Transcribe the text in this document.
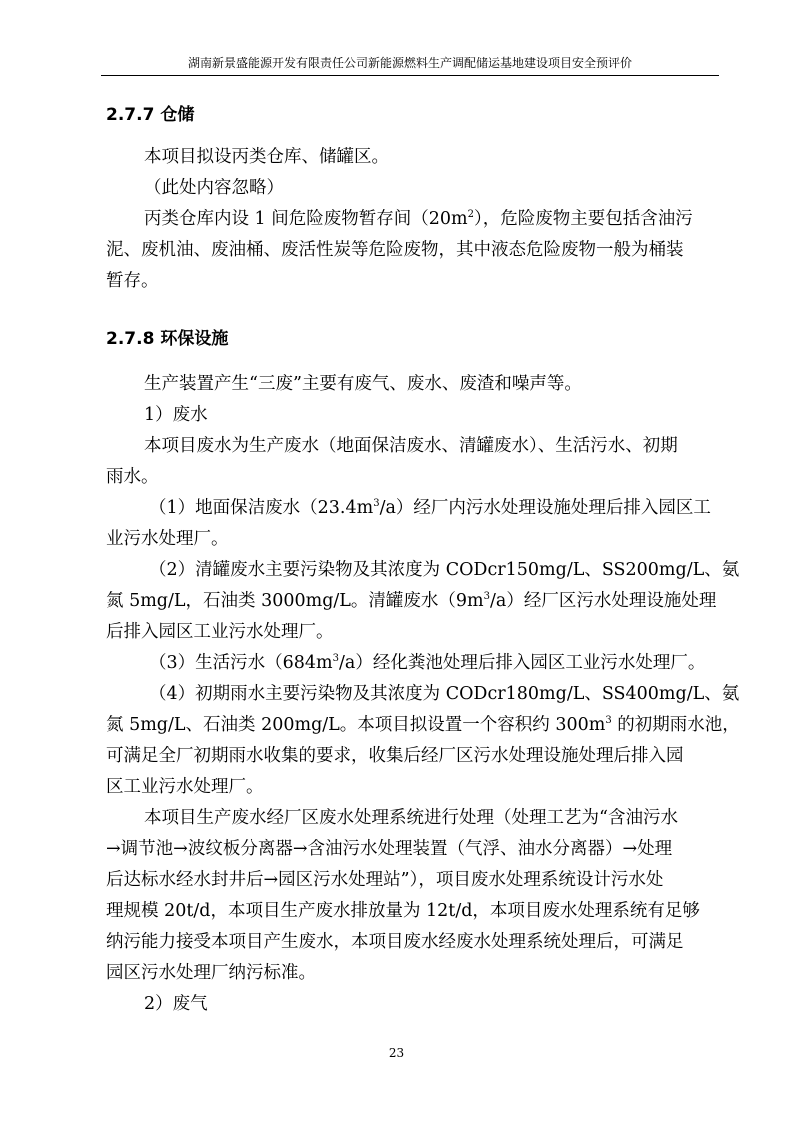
湖南新景盛能源开发有限责任公司新能源燃料生产调配储运基地建设项目安全预评价
2.7.7 仓储

本项目拟设丙类仓库、储罐区。

（此处内容忽略）

丙类仓库内设 1 间危险废物暂存间$(20m^2)$，危险废物主要包括含油污

泥、废机油、废油桶、废活性炭等危险废物，其中液态危险废物一般为桶装

暂存。

2.7.8 环保设施

生产装置产生“三废”主要有废气、废水、废渣和噪声等。

1）废水

本项目废水为生产废水（地面保洁废水、清罐废水）、生活污水、初期

雨水。

（1）地面保洁废水$(23.4m^3/a)$经厂内污水处理设施处理后排入园区工

业污水处理厂。

（2）清罐废水主要污染物及其浓度为 CODcr150mg/L、SS200mg/L、氨

氮 5mg/L，石油类 3000mg/L。清罐废水$(9m^3/a)$经厂区污水处理设施处理

后排入园区工业污水处理厂。

（3）生活污水$(684m^3/a)$经化粪池处理后排入园区工业污水处理厂。

（4）初期雨水主要污染物及其浓度为 CODcr180mg/L、SS400mg/L、氨

氮 5mg/L、石油类 200mg/L。本项目拟设置一个容积约 $300m^3$ 的初期雨水池，

可满足全厂初期雨水收集的要求，收集后经厂区污水处理设施处理后排入园

区工业污水处理厂。

本项目生产废水经厂区废水处理系统进行处理（处理工艺为“含油污水

→调节池→波纹板分离器→含油污水处理装置（气浮、油水分离器）→处理

后达标水经水封井后→园区污水处理站”），项目废水处理系统设计污水处

理规模 20t/d，本项目生产废水排放量为 12t/d，本项目废水处理系统有足够

纳污能力接受本项目产生废水，本项目废水经废水处理系统处理后，可满足

园区污水处理厂纳污标准。

2）废气

23
